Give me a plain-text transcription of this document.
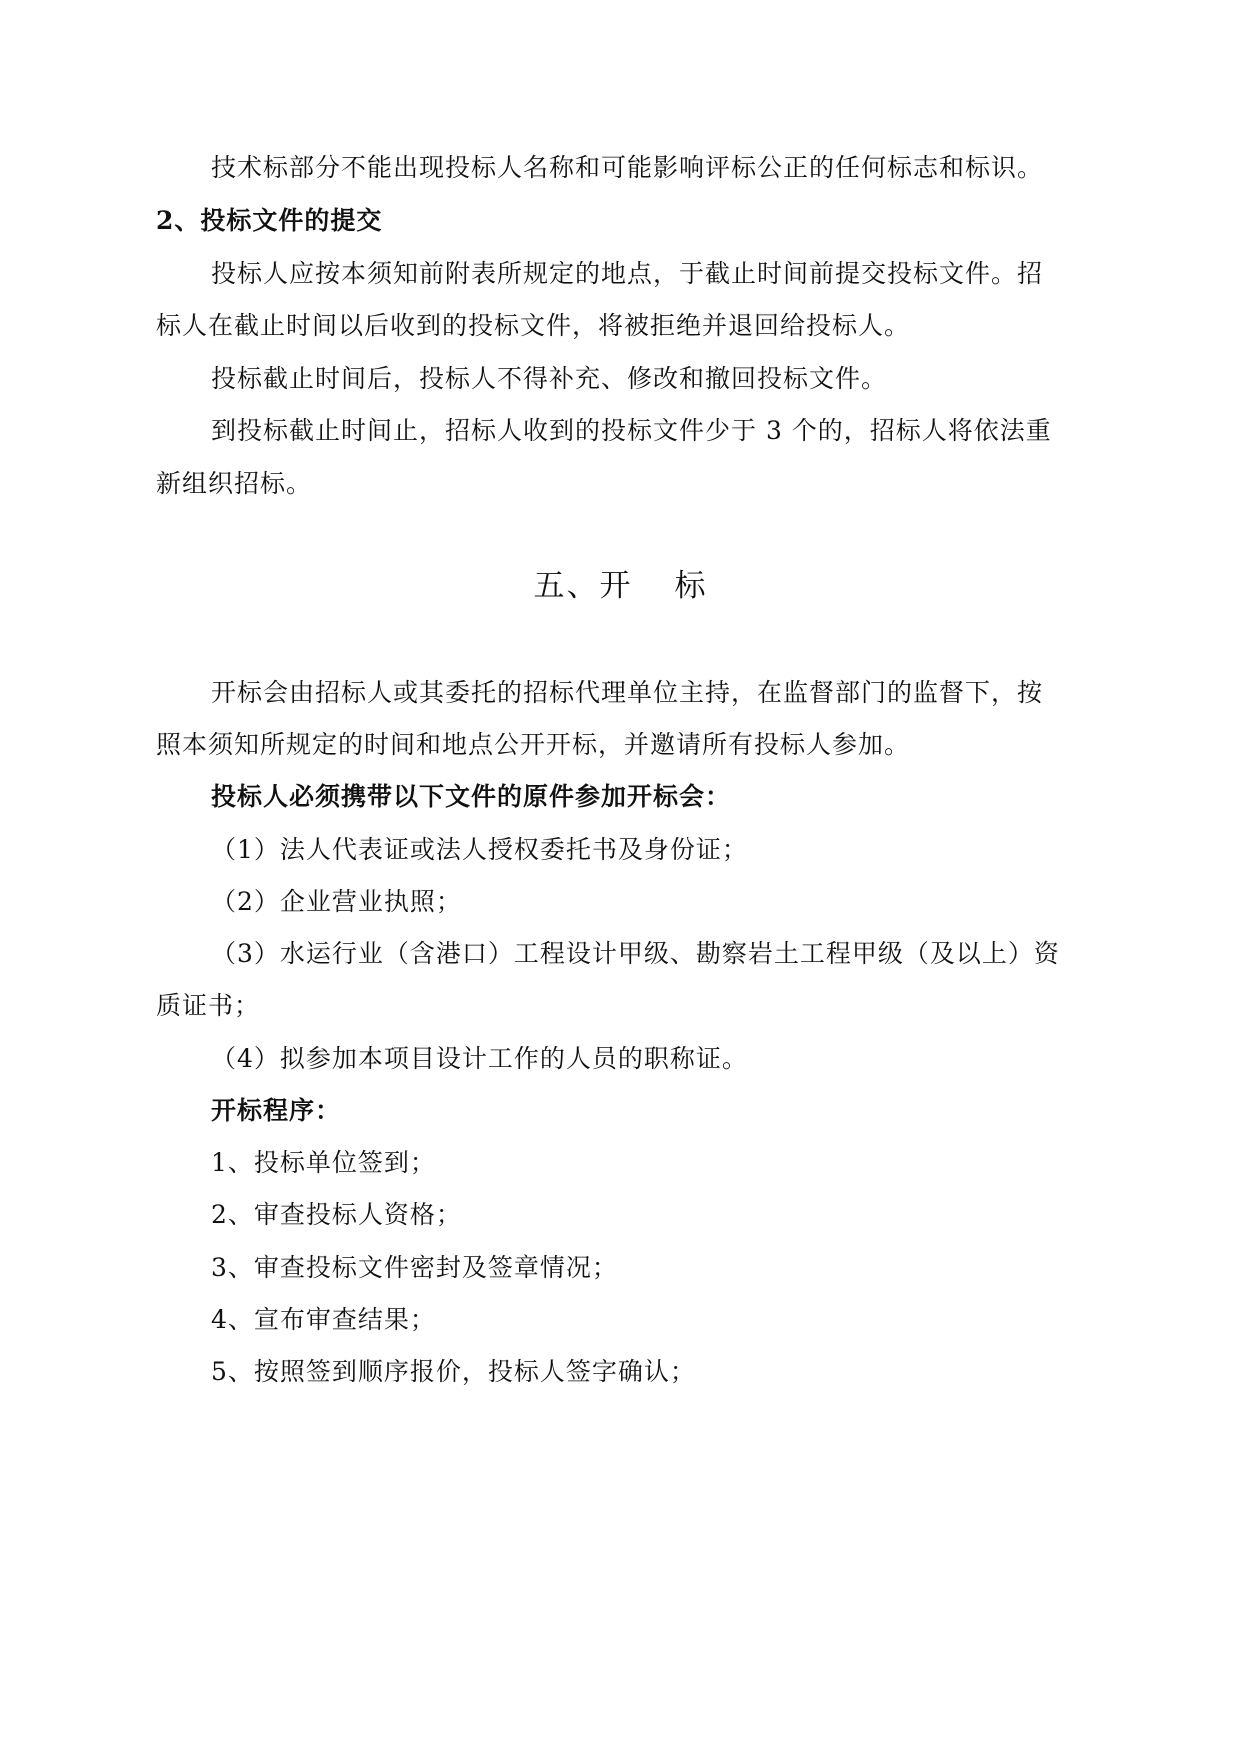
技术标部分不能出现投标人名称和可能影响评标公正的任何标志和标识。
2、投标文件的提交
投标人应按本须知前附表所规定的地点，于截止时间前提交投标文件。招
标人在截止时间以后收到的投标文件，将被拒绝并退回给投标人。
投标截止时间后，投标人不得补充、修改和撤回投标文件。
到投标截止时间止，招标人收到的投标文件少于 3 个的，招标人将依法重
新组织招标。
五、开 标
开标会由招标人或其委托的招标代理单位主持，在监督部门的监督下，按
照本须知所规定的时间和地点公开开标，并邀请所有投标人参加。
投标人必须携带以下文件的原件参加开标会：
（1）法人代表证或法人授权委托书及身份证；
（2）企业营业执照；
（3）水运行业（含港口）工程设计甲级、勘察岩土工程甲级（及以上）资
质证书；
（4）拟参加本项目设计工作的人员的职称证。
开标程序：
1、投标单位签到；
2、审查投标人资格；
3、审查投标文件密封及签章情况；
4、宣布审查结果；
5、按照签到顺序报价，投标人签字确认；
